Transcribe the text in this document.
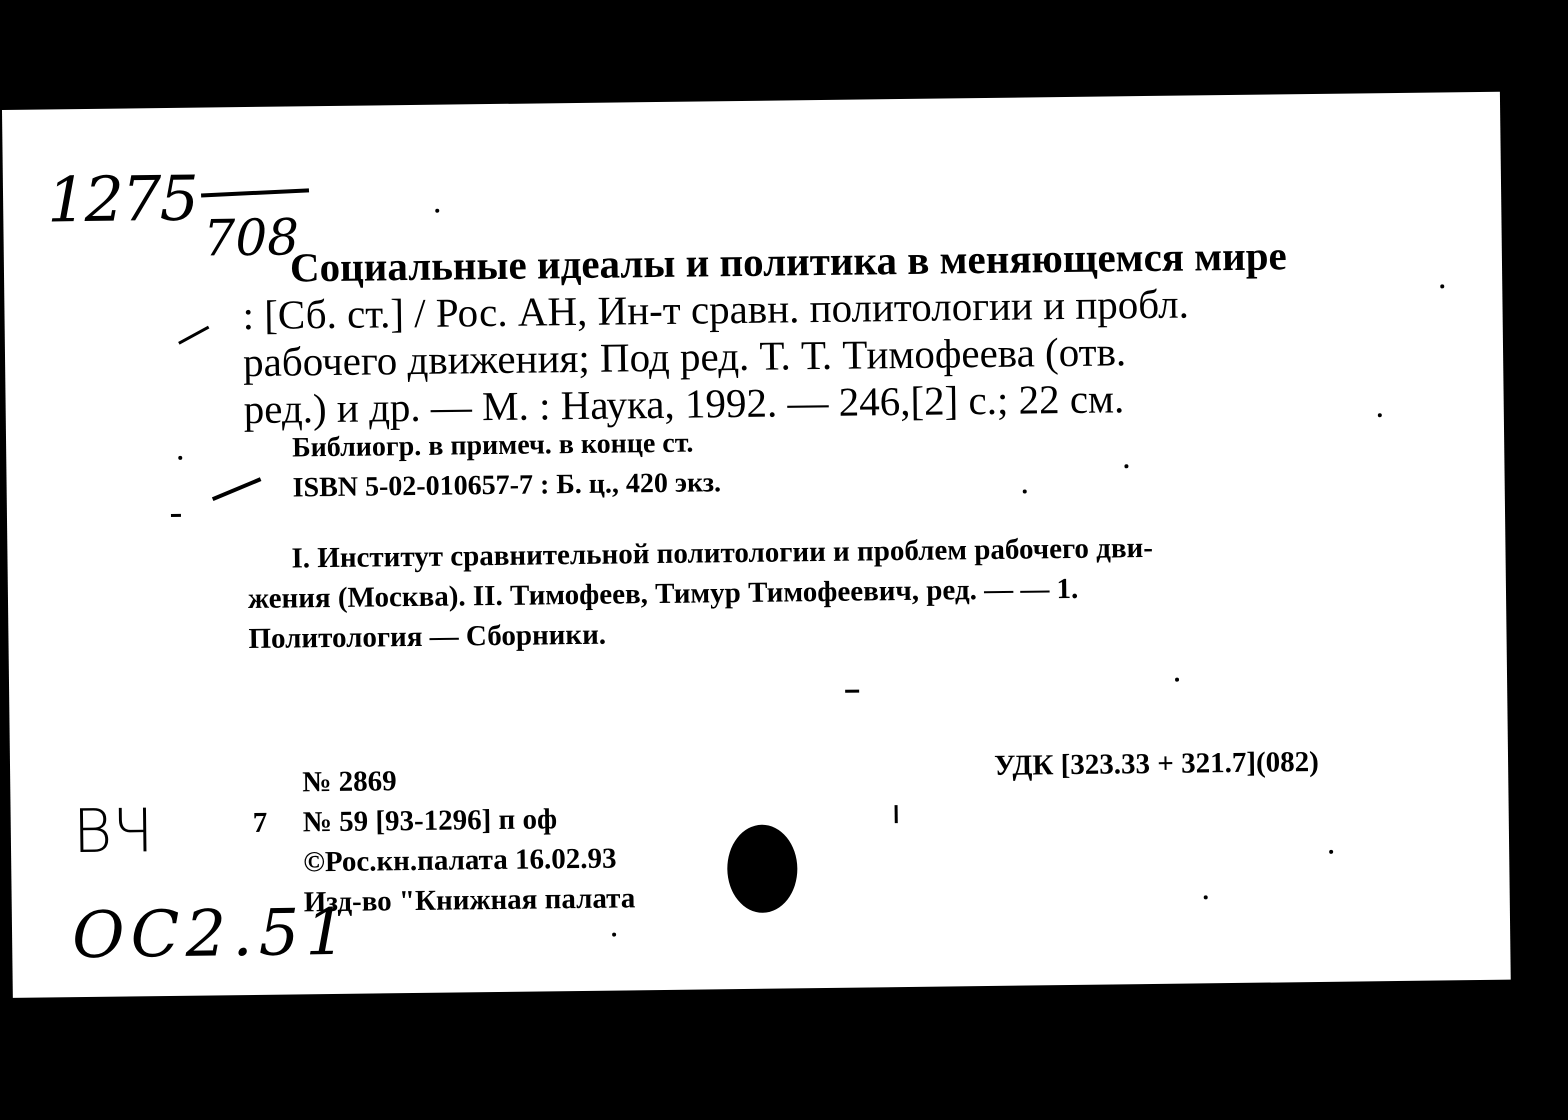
1275
708
Социальные идеалы и политика в меняющемся мире
: [Сб. ст.] / Рос. АН, Ин-т сравн. политологии и пробл.
рабочего движения; Под ред. Т. Т. Тимофеева (отв.
ред.) и др. — М. : Наука, 1992. — 246,[2] с.; 22 см.
Библиогр. в примеч. в конце ст.
ISBN 5-02-010657-7 : Б. ц., 420 экз.
I. Институт сравнительной политологии и проблем рабочего дви-
жения (Москва). II. Тимофеев, Тимур Тимофеевич, ред. — — 1.
Политология — Сборники.
№ 2869	УДК [323.33 + 321.7](082)
7 № 59 [93-1296] п оф
©Рос.кн.палата 16.02.93
Изд-во "Книжная палата
ВЧ
ОС2.51
